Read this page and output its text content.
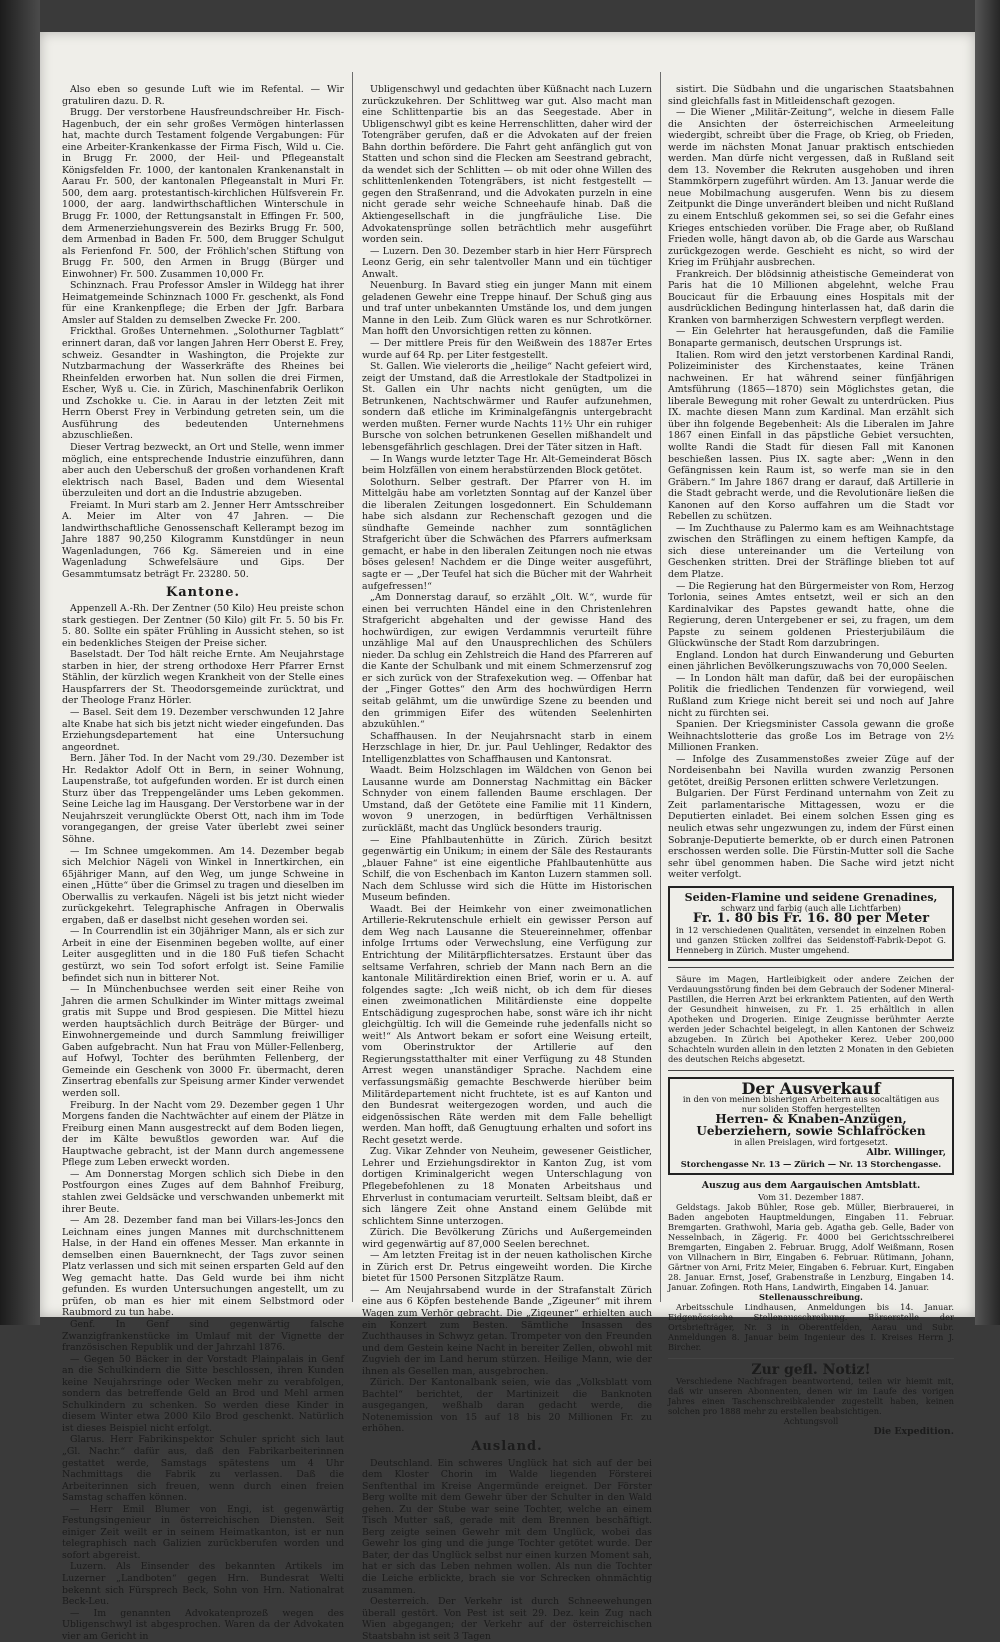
Also eben so gesunde Luft wie im Refental. — Wir gratuliren dazu. D. R.

Brugg. Der verstorbene Hausfreundschreiber Hr. Fisch-Hagenbuch, der ein sehr großes Vermögen hinterlassen hat, machte durch Testament folgende Vergabungen: Für eine Arbeiter-Krankenkasse der Firma Fisch, Wild u. Cie. in Brugg Fr. 2000, der Heil- und Pflegeanstalt Königsfelden Fr. 1000, der kantonalen Krankenanstalt in Aarau Fr. 500, der kantonalen Pflegeanstalt in Muri Fr. 500, dem aarg. protestantisch-kirchlichen Hülfsverein Fr. 1000, der aarg. landwirthschaftlichen Winterschule in Brugg Fr. 1000, der Rettungsanstalt in Effingen Fr. 500, dem Armenerziehungsverein des Bezirks Brugg Fr. 500, dem Armenbad in Baden Fr. 500, dem Brugger Schulgut als Ferienfond Fr. 500, der Fröhlich'schen Stiftung von Brugg Fr. 500, den Armen in Brugg (Bürger und Einwohner) Fr. 500. Zusammen 10,000 Fr.

Schinznach. Frau Professor Amsler in Wildegg hat ihrer Heimatgemeinde Schinznach 1000 Fr. geschenkt, als Fond für eine Krankenpflege; die Erben der Jgfr. Barbara Amsler auf Stalden zu demselben Zwecke Fr. 200.

Frickthal. Großes Unternehmen. „Solothurner Tagblatt“ erinnert daran, daß vor langen Jahren Herr Oberst E. Frey, schweiz. Gesandter in Washington, die Projekte zur Nutzbarmachung der Wasserkräfte des Rheines bei Rheinfelden erworben hat. Nun sollen die drei Firmen, Escher, Wyß u. Cie. in Zürich, Maschinenfabrik Oerlikon und Zschokke u. Cie. in Aarau in der letzten Zeit mit Herrn Oberst Frey in Verbindung getreten sein, um die Ausführung des bedeutenden Unternehmens abzuschließen.

Dieser Vertrag bezweckt, an Ort und Stelle, wenn immer möglich, eine entsprechende Industrie einzuführen, dann aber auch den Ueberschuß der großen vorhandenen Kraft elektrisch nach Basel, Baden und dem Wiesental überzuleiten und dort an die Industrie abzugeben.

Freiamt. In Muri starb am 2. Jenner Herr Amtsschreiber A. Meier im Alter von 47 Jahren. — Die landwirthschaftliche Genossenschaft Kellerampt bezog im Jahre 1887 90,250 Kilogramm Kunstdünger in neun Wagenladungen, 766 Kg. Sämereien und in eine Wagenladung Schwefelsäure und Gips. Der Gesammtumsatz beträgt Fr. 23280. 50.

Kantone.

Appenzell A.-Rh. Der Zentner (50 Kilo) Heu preiste schon stark gestiegen. Der Zentner (50 Kilo) gilt Fr. 5. 50 bis Fr. 5. 80. Sollte ein später Frühling in Aussicht stehen, so ist ein bedenkliches Steigen der Preise sicher.

Baselstadt. Der Tod hält reiche Ernte. Am Neujahrstage starben in hier, der streng orthodoxe Herr Pfarrer Ernst Stählin, der kürzlich wegen Krankheit von der Stelle eines Hauspfarrers der St. Theodorsgemeinde zurücktrat, und der Theologe Franz Hörler.

— Basel. Seit dem 19. Dezember verschwunden 12 Jahre alte Knabe hat sich bis jetzt nicht wieder eingefunden. Das Erziehungsdepartement hat eine Untersuchung angeordnet.

Bern. Jäher Tod. In der Nacht vom 29./30. Dezember ist Hr. Redaktor Adolf Ott in Bern, in seiner Wohnung, Laupenstraße, tot aufgefunden worden. Er ist durch einen Sturz über das Treppengeländer ums Leben gekommen. Seine Leiche lag im Hausgang. Der Verstorbene war in der Neujahrszeit verunglückte Oberst Ott, nach ihm im Tode vorangegangen, der greise Vater überlebt zwei seiner Söhne.

— Im Schnee umgekommen. Am 14. Dezember begab sich Melchior Nägeli von Winkel in Innertkirchen, ein 65jähriger Mann, auf den Weg, um junge Schweine in einen „Hütte“ über die Grimsel zu tragen und dieselben im Oberwallis zu verkaufen. Nägeli ist bis jetzt nicht wieder zurückgekehrt. Telegraphische Anfragen in Oberwalis ergaben, daß er daselbst nicht gesehen worden sei.

— In Courrendlin ist ein 30jähriger Mann, als er sich zur Arbeit in eine der Eisenminen begeben wollte, auf einer Leiter ausgeglitten und in die 180 Fuß tiefen Schacht gestürzt, wo sein Tod sofort erfolgt ist. Seine Familie befindet sich nun in bitterer Not.

— In Münchenbuchsee werden seit einer Reihe von Jahren die armen Schulkinder im Winter mittags zweimal gratis mit Suppe und Brod gespiesen. Die Mittel hiezu werden hauptsächlich durch Beiträge der Bürger- und Einwohnergemeinde und durch Sammlung freiwilliger Gaben aufgebracht. Nun hat Frau von Müller-Fellenberg, auf Hofwyl, Tochter des berühmten Fellenberg, der Gemeinde ein Geschenk von 3000 Fr. übermacht, deren Zinsertrag ebenfalls zur Speisung armer Kinder verwendet werden soll.

Freiburg. In der Nacht vom 29. Dezember gegen 1 Uhr Morgens fanden die Nachtwächter auf einem der Plätze in Freiburg einen Mann ausgestreckt auf dem Boden liegen, der im Kälte bewußtlos geworden war. Auf die Hauptwache gebracht, ist der Mann durch angemessene Pflege zum Leben erweckt worden.

— Am Donnerstag Morgen schlich sich Diebe in den Postfourgon eines Zuges auf dem Bahnhof Freiburg, stahlen zwei Geldsäcke und verschwanden unbemerkt mit ihrer Beute.

— Am 28. Dezember fand man bei Villars-les-Joncs den Leichnam eines jungen Mannes mit durchschnittenem Halse, in der Hand ein offenes Messer. Man erkannte in demselben einen Bauernknecht, der Tags zuvor seinen Platz verlassen und sich mit seinen ersparten Geld auf den Weg gemacht hatte. Das Geld wurde bei ihm nicht gefunden. Es wurden Untersuchungen angestellt, um zu prüfen, ob man es hier mit einem Selbstmord oder Raubmord zu tun habe.

Genf. In Genf sind gegenwärtig falsche Zwanzigfrankenstücke im Umlauf mit der Vignette der französischen Republik und der Jahrzahl 1876.

— Gegen 50 Bäcker in der Vorstadt Plainpalais in Genf an die Schulkindern die Sitte beschlossen, ihren Kunden keine Neujahrsringe oder Wecken mehr zu verabfolgen, sondern das betreffende Geld an Brod und Mehl armen Schulkindern zu schenken. So werden diese Kinder in diesem Winter etwa 2000 Kilo Brod geschenkt. Natürlich ist dieses Beispiel nicht erfolgt.

Glarus. Herr Fabrikinspektor Schuler spricht sich laut „Gl. Nachr.“ dafür aus, daß den Fabrikarbeiterinnen gestattet werde, Samstags spätestens um 4 Uhr Nachmittags die Fabrik zu verlassen. Daß die Arbeiterinnen sich freuen, wenn durch einen freien Samstag schaffen können.

— Herr Emil Blumer von Engi, ist gegenwärtig Festungsingenieur in österreichischen Diensten. Seit einiger Zeit weilt er in seinem Heimatkanton, ist er nun telegraphisch nach Galizien zurückberufen worden und sofort abgereist.

Luzern. Als Einsender des bekannten Artikels im Luzerner „Landboten“ gegen Hrn. Bundesrat Welti bekennt sich Fürsprech Beck, Sohn von Hrn. Nationalrat Beck-Leu.

— Im genannten Advokatenprozeß wegen des Ubligenschwyl ist abgesprochen. Waren da der Advokaten vier am Gericht in

Ubligenschwyl und gedachten über Küßnacht nach Luzern zurückzukehren. Der Schlittweg war gut. Also macht man eine Schlittenpartie bis an das Seegestade. Aber in Ubligenschwyl gibt es keine Herrenschlitten, daher wird der Totengräber gerufen, daß er die Advokaten auf der freien Bahn dorthin befördere. Die Fahrt geht anfänglich gut von Statten und schon sind die Flecken am Seestrand gebracht, da wendet sich der Schlitten — ob mit oder ohne Willen des schlittenlenkenden Totengräbers, ist nicht festgestellt — gegen den Straßenrand, und die Advokaten purzeln in eine nicht gerade sehr weiche Schneehaufe hinab. Daß die Aktiengesellschaft in die jungfräuliche Lise. Die Advokatensprünge sollen beträchtlich mehr ausgeführt worden sein.

— Luzern. Den 30. Dezember starb in hier Herr Fürsprech Leonz Gerig, ein sehr talentvoller Mann und ein tüchtiger Anwalt.

Neuenburg. In Bavard stieg ein junger Mann mit einem geladenen Gewehr eine Treppe hinauf. Der Schuß ging aus und traf unter unbekannten Umstände los, und dem jungen Manne in den Leib. Zum Glück waren es nur Schrotkörner. Man hofft den Unvorsichtigen retten zu können.

— Der mittlere Preis für den Weißwein des 1887er Ertes wurde auf 64 Rp. per Liter festgestellt.

St. Gallen. Wie vielerorts die „heilige“ Nacht gefeiert wird, zeigt der Umstand, daß die Arrestlokale der Stadtpolizei in St. Gallen ein Uhr nachts nicht genügten, um die Betrunkenen, Nachtschwärmer und Raufer aufzunehmen, sondern daß etliche im Kriminalgefängnis untergebracht werden mußten. Ferner wurde Nachts 11½ Uhr ein ruhiger Bursche von solchen betrunkenen Gesellen mißhandelt und lebensgefährlich geschlagen. Drei der Täter sitzen in Haft.

— In Wangs wurde letzter Tage Hr. Alt-Gemeinderat Bösch beim Holzfällen von einem herabstürzenden Block getötet.

Solothurn. Selber gestraft. Der Pfarrer von H. im Mittelgäu habe am vorletzten Sonntag auf der Kanzel über die liberalen Zeitungen losgedonnert. Ein Schuldemann habe sich alsdann zur Rechenschaft gezogen und die sündhafte Gemeinde nachher zum sonntäglichen Strafgericht über die Schwächen des Pfarrers aufmerksam gemacht, er habe in den liberalen Zeitungen noch nie etwas böses gelesen! Nachdem er die Dinge weiter ausgeführt, sagte er — „Der Teufel hat sich die Bücher mit der Wahrheit aufgefressen!“

„Am Donnerstag darauf, so erzählt „Olt. W.“, wurde für einen bei verruchten Händel eine in den Christenlehren Strafgericht abgehalten und der gewisse Hand des hochwürdigen, zur ewigen Verdammnis verurteilt führe unzählige Mal auf den Unausprechlichen des Schülers nieder. Da schlug ein Zehlstreich die Hand des Pfarreren auf die Kante der Schulbank und mit einem Schmerzensruf zog er sich zurück von der Strafexekution weg. — Offenbar hat der „Finger Gottes“ den Arm des hochwürdigen Herrn seitab gelähmt, um die unwürdige Szene zu beenden und den grimmigen Eifer des wütenden Seelenhirten abzukühlen.“

Schaffhausen. In der Neujahrsnacht starb in einem Herzschlage in hier, Dr. jur. Paul Uehlinger, Redaktor des Intelligenzblattes von Schaffhausen und Kantonsrat.

Waadt. Beim Holzschlagen im Wäldchen von Genon bei Lausanne wurde am Donnerstag Nachmittag ein Bäcker Schnyder von einem fallenden Baume erschlagen. Der Umstand, daß der Getötete eine Familie mit 11 Kindern, wovon 9 unerzogen, in bedürftigen Verhältnissen zurückläßt, macht das Unglück besonders traurig.

— Eine Pfahlbautenhütte in Zürich. Zürich besitzt gegenwärtig ein Unikum; in einem der Säle des Restaurants „blauer Fahne“ ist eine eigentliche Pfahlbautenhütte aus Schilf, die von Eschenbach im Kanton Luzern stammen soll. Nach dem Schlusse wird sich die Hütte im Historischen Museum befinden.

Waadt. Bei der Heimkehr von einer zweimonatlichen Artillerie-Rekrutenschule erhielt ein gewisser Person auf dem Weg nach Lausanne die Steuereinnehmer, offenbar infolge Irrtums oder Verwechslung, eine Verfügung zur Entrichtung der Militärpflichtersatzes. Erstaunt über das seltsame Verfahren, schrieb der Mann nach Bern an die kantonale Militärdirektion einen Brief, worin er u. A. auf folgendes sagte: „Ich weiß nicht, ob ich dem für dieses einen zweimonatlichen Militärdienste eine doppelte Entschädigung zugesprochen habe, sonst wäre ich ihr nicht gleichgültig. Ich will die Gemeinde ruhe jedenfalls nicht so weit!“ Als Antwort bekam er sofort eine Weisung erteilt, vom Oberinstruktor der Artillerie auf den Regierungsstatthalter mit einer Verfügung zu 48 Stunden Arrest wegen unanständiger Sprache. Nachdem eine verfassungsmäßig gemachte Beschwerde hierüber beim Militärdepartement nicht fruchtete, ist es auf Kanton und den Bundesrat weitergezogen worden, und auch die eidgenössischen Räte werden mit dem Falle behelligt werden. Man hofft, daß Genugtuung erhalten und sofort ins Recht gesetzt werde.

Zug. Vikar Zehnder von Neuheim, gewesener Geistlicher, Lehrer und Erziehungsdirektor in Kanton Zug, ist vom dortigen Kriminalgericht wegen Unterschlagung von Pflegebefohlenen zu 18 Monaten Arbeitshaus und Ehrverlust in contumaciam verurteilt. Seltsam bleibt, daß er sich längere Zeit ohne Anstand einem Gelübde mit schlichtem Sinne unterzogen.

Zürich. Die Bevölkerung Zürichs und Außergemeinden wird gegenwärtig auf 87,000 Seelen berechnet.

— Am letzten Freitag ist in der neuen katholischen Kirche in Zürich erst Dr. Petrus eingeweiht worden. Die Kirche bietet für 1500 Personen Sitzplätze Raum.

— Am Neujahrsabend wurde in der Strafanstalt Zürich eine aus 6 Köpfen bestehende Bande „Zigeuner“ mit ihrem Wagen zum Verhör gebracht. Die „Zigeuner“ erhielten auch ein Konzert zum Besten. Sämtliche Insassen des Zuchthauses in Schwyz getan. Trompeter von den Freunden und dem Gestein keine Nacht in bereiter Zellen, obwohl mit Zugvieh der im Land herum stürzen. Heilige Mann, wie der ihnen als Gesellen man, ausgebrochen.

Zürich. Der Kantonalbank seien, wie das „Volksblatt vom Bachtel“ berichtet, der Martinizeit die Banknoten ausgegangen, weßhalb daran gedacht werde, die Notenemission von 15 auf 18 bis 20 Millionen Fr. zu erhöhen.

Ausland.

Deutschland. Ein schweres Unglück hat sich auf der bei dem Kloster Chorin im Walde liegenden Försterei Senftenthal im Kreise Angermünde ereignet. Der Förster Berg wollte mit dem Gewehr über der Schulter in den Wald gehen. Zu der Stube war seine Tochter, welche an einem Tisch Mutter saß, gerade mit dem Brennen beschäftigt. Berg zeigte seinen Gewehr mit dem Unglück, wobei das Gewehr los ging und die junge Tochter getötet wurde. Der Bater, der das Unglück selbst nur einen kurzen Moment sah, hat er sich das Leben nehmen wollen. Als nun die Tochter die Leiche erblickte, brach sie vor Schrecken ohnmächtig zusammen.

Oesterreich. Der Verkehr ist durch Schneewehungen überall gestört. Von Pest ist seit 29. Dez. kein Zug nach Wien abgegangen; der Verkehr auf der österreichischen Staatsbahn ist seit 3 Tagen

sistirt. Die Südbahn und die ungarischen Staatsbahnen sind gleichfalls fast in Mitleidenschaft gezogen.

— Die Wiener „Militär-Zeitung“, welche in diesem Falle die Ansichten der österreichischen Armeeleitung wiedergibt, schreibt über die Frage, ob Krieg, ob Frieden, werde im nächsten Monat Januar praktisch entschieden werden. Man dürfe nicht vergessen, daß in Rußland seit dem 13. November die Rekruten ausgehoben und ihren Stammkörpern zugeführt würden. Am 13. Januar werde die neue Mobilmachung ausgerufen. Wenn bis zu diesem Zeitpunkt die Dinge unverändert bleiben und nicht Rußland zu einem Entschluß gekommen sei, so sei die Gefahr eines Krieges entschieden vorüber. Die Frage aber, ob Rußland Frieden wolle, hängt davon ab, ob die Garde aus Warschau zurückgezogen werde. Geschieht es nicht, so wird der Krieg im Frühjahr ausbrechen.

Frankreich. Der blödsinnig atheistische Gemeinderat von Paris hat die 10 Millionen abgelehnt, welche Frau Boucicaut für die Erbauung eines Hospitals mit der ausdrücklichen Bedingung hinterlassen hat, daß darin die Kranken von barmherzigen Schwestern verpflegt werden.

— Ein Gelehrter hat herausgefunden, daß die Familie Bonaparte germanisch, deutschen Ursprungs ist.

Italien. Rom wird den jetzt verstorbenen Kardinal Randi, Polizeiminister des Kirchenstaates, keine Tränen nachweinen. Er hat während seiner fünfjährigen Amtsführung (1865—1870) sein Möglichstes getan, die liberale Bewegung mit roher Gewalt zu unterdrücken. Pius IX. machte diesen Mann zum Kardinal. Man erzählt sich über ihn folgende Begebenheit: Als die Liberalen im Jahre 1867 einen Einfall in das päpstliche Gebiet versuchten, wollte Randi die Stadt für diesen Fall mit Kanonen beschießen lassen. Pius IX. sagte aber: „Wenn in den Gefängnissen kein Raum ist, so werfe man sie in den Gräbern.“ Im Jahre 1867 drang er darauf, daß Artillerie in die Stadt gebracht werde, und die Revolutionäre ließen die Kanonen auf den Korso auffahren um die Stadt vor Rebellen zu schützen.

— Im Zuchthause zu Palermo kam es am Weihnachtstage zwischen den Sträflingen zu einem heftigen Kampfe, da sich diese untereinander um die Verteilung von Geschenken stritten. Drei der Sträflinge blieben tot auf dem Platze.

— Die Regierung hat den Bürgermeister von Rom, Herzog Torlonia, seines Amtes entsetzt, weil er sich an den Kardinalvikar des Papstes gewandt hatte, ohne die Regierung, deren Untergebener er sei, zu fragen, um dem Papste zu seinem goldenen Priesterjubiläum die Glückwünsche der Stadt Rom darzubringen.

England. London hat durch Einwanderung und Geburten einen jährlichen Bevölkerungszuwachs von 70,000 Seelen.

— In London hält man dafür, daß bei der europäischen Politik die friedlichen Tendenzen für vorwiegend, weil Rußland zum Kriege nicht bereit sei und noch auf Jahre nicht zu fürchten sei.

Spanien. Der Kriegsminister Cassola gewann die große Weihnachtslotterie das große Los im Betrage von 2½ Millionen Franken.

— Infolge des Zusammenstoßes zweier Züge auf der Nordeisenbahn bei Navilla wurden zwanzig Personen getötet, dreißig Personen erlitten schwere Verletzungen.

Bulgarien. Der Fürst Ferdinand unternahm von Zeit zu Zeit parlamentarische Mittagessen, wozu er die Deputierten einladet. Bei einem solchen Essen ging es neulich etwas sehr ungezwungen zu, indem der Fürst einen Sobranje-Deputierte bemerkte, ob er durch einen Patronen erschossen werden solle. Die Fürstin-Mutter soll die Sache sehr übel genommen haben. Die Sache wird jetzt nicht weiter verfolgt.

Seiden-Flamine und seidene Grenadines,
schwarz und farbig (auch alle Lichtfarben)
Fr. 1. 80 bis Fr. 16. 80 per Meter

in 12 verschiedenen Qualitäten, versendet in einzelnen Roben und ganzen Stücken zollfrei das Seidenstoff-Fabrik-Depot G. Henneberg in Zürich. Muster umgehend.

Säure im Magen, Hartleibigkeit oder andere Zeichen der Verdauungsstörung finden bei dem Gebrauch der Sodener Mineral-Pastillen, die Herren Arzt bei erkranktem Patienten, auf den Werth der Gesundheit hinweisen, zu Fr. 1. 25 erhältlich in allen Apotheken und Drogerien. Einige Zeugnisse berühmter Aerzte werden jeder Schachtel beigelegt, in allen Kantonen der Schweiz abzugeben. In Zürich bei Apotheker Kerez. Ueber 200,000 Schachteln wurden allein in den letzten 2 Monaten in den Gebieten des deutschen Reichs abgesetzt.

Der Ausverkauf
in den von meinen bisherigen Arbeitern aus socaltätigen aus nur soliden Stoffen hergestellten
Herren- & Knaben-Anzügen, Ueberziehern, sowie Schlafröcken
in allen Preislagen, wird fortgesetzt.
Albr. Willinger,
Storchengasse Nr. 13 — Zürich — Nr. 13 Storchengasse.
Auszug aus dem Aargauischen Amtsblatt.
Vom 31. Dezember 1887.

Geldstags. Jakob Bühler, Rose geb. Müller, Bierbrauerei, in Baden angeboten Hauptmeldungen, Eingaben 11. Februar. Bremgarten. Grathwohl, Maria geb. Agatha geb. Gelle, Bader von Nesselnbach, in Zägerig. Fr. 4000 bei Gerichtsschreiberei Bremgarten, Eingaben 2. Februar. Brugg, Adolf Weißmann, Rosen von Villnachern in Birr, Eingaben 6. Februar. Rütimann, Johann, Gärtner von Arni, Fritz Meier, Eingaben 6. Februar. Kurt, Eingaben 28. Januar. Ernst, Josef, Grabenstraße in Lenzburg, Eingaben 14. Januar. Zofingen. Roth Hans, Landwirth, Eingaben 14. Januar.

Stellenausschreibung.

Arbeitsschule Lindhausen, Anmeldungen bis 14. Januar. Eidgenössische Stellenausschreibung. Bärserstelle der Ortsbriefträger, Nr. 3 in Oberentfelden, Aarau und Subr. Anmeldungen 8. Januar beim Ingenieur des I. Kreises Herrn J. Bircher.

Zur gefl. Notiz!

Verschiedene Nachfragen beantwortend, teilen wir hiemit mit, daß wir unseren Abonnenten, denen wir im Laufe des vorigen Jahres einen Taschenschreibkalender zugestellt haben, keinen solchen pro 1888 mehr zu erstellen beabsichtigen.

Achtungsvoll
Die Expedition.
